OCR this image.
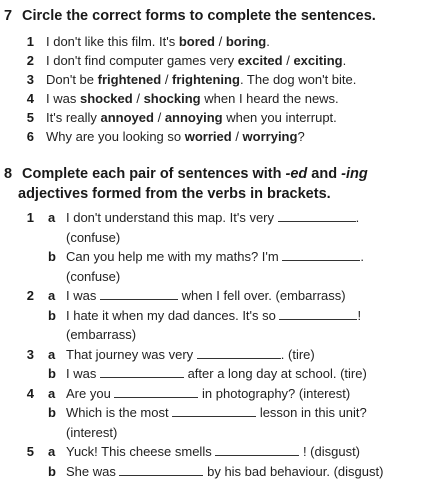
7 Circle the correct forms to complete the sentences.
1 I don't like this film. It's bored / boring.
2 I don't find computer games very excited / exciting.
3 Don't be frightened / frightening. The dog won't bite.
4 I was shocked / shocking when I heard the news.
5 It's really annoyed / annoying when you interrupt.
6 Why are you looking so worried / worrying?
8 Complete each pair of sentences with -ed and -ing
adjectives formed from the verbs in brackets.
1 a I don't understand this map. It's very	.
(confuse)
b Can you help me with my maths? I'm	.
(confuse)
2 a I was	when I fell over. (embarrass)
b I hate it when my dad dances. It's so	!
(embarrass)
3 a That journey was very	. (tire)
b I was	after a long day at school. (tire)
4 a Are you	in photography? (interest)
b Which is the most	lesson in this unit?
(interest)
5 a Yuck! This cheese smells	! (disgust)
b She was	by his bad behaviour. (disgust)
